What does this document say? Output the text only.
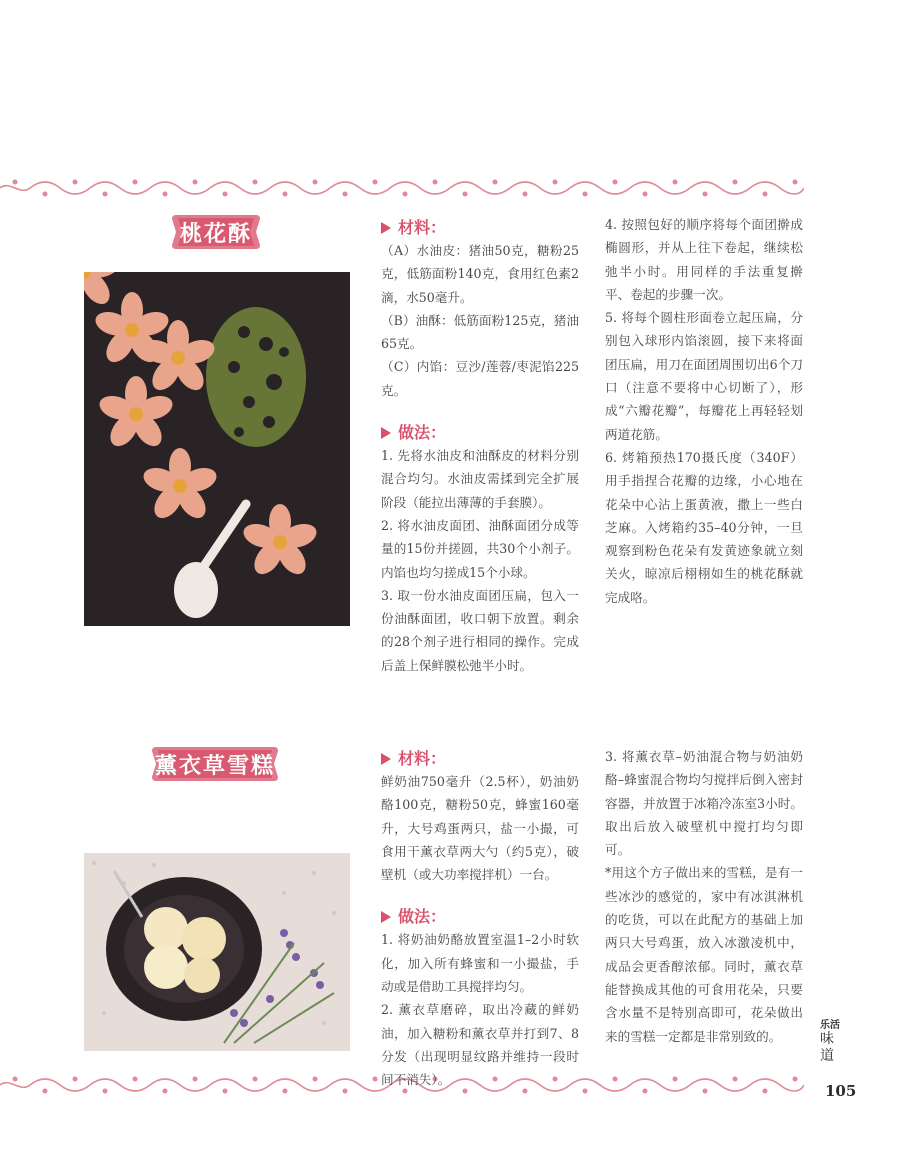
桃花酥	材料：

（A）水油皮：猪油50克，糖粉25克，低筋面粉140克，食用红色素2滴，水50毫升。

（B）油酥：低筋面粉125克，猪油65克。

（C）内馅：豆沙/莲蓉/枣泥馅225克。

做法：

1. 先将水油皮和油酥皮的材料分别混合均匀。水油皮需揉到完全扩展阶段（能拉出薄薄的手套膜）。

2. 将水油皮面团、油酥面团分成等量的15份并搓圆，共30个小剂子。内馅也均匀搓成15个小球。

3. 取一份水油皮面团压扁，包入一份油酥面团，收口朝下放置。剩余的28个剂子进行相同的操作。完成后盖上保鲜膜松弛半小时。

4. 按照包好的顺序将每个面团擀成椭圆形，并从上往下卷起，继续松弛半小时。用同样的手法重复擀平、卷起的步骤一次。

5. 将每个圆柱形面卷立起压扁，分别包入球形内馅滚圆，接下来将面团压扁，用刀在面团周围切出6个刀口（注意不要将中心切断了），形成“六瓣花瓣”，每瓣花上再轻轻划两道花筋。

6. 烤箱预热170摄氏度（340F）用手指捏合花瓣的边缘，小心地在花朵中心沾上蛋黄液，撒上一些白芝麻。入烤箱约35–40分钟，一旦观察到粉色花朵有发黄迹象就立刻关火，晾凉后栩栩如生的桃花酥就完成咯。

薰衣草雪糕	材料：

鲜奶油750毫升（2.5杯），奶油奶酪100克，糖粉50克，蜂蜜160毫升，大号鸡蛋两只，盐一小撮，可食用干薰衣草两大勺（约5克），破壁机（或大功率搅拌机）一台。

做法：

1. 将奶油奶酪放置室温1–2小时软化，加入所有蜂蜜和一小撮盐，手动或是借助工具搅拌均匀。

2. 薰衣草磨碎，取出冷藏的鲜奶油，加入糖粉和薰衣草并打到7、8分发（出现明显纹路并维持一段时间不消失）。

3. 将薰衣草–奶油混合物与奶油奶酪–蜂蜜混合物均匀搅拌后倒入密封容器，并放置于冰箱冷冻室3小时。取出后放入破壁机中搅打均匀即可。

*用这个方子做出来的雪糕，是有一些冰沙的感觉的，家中有冰淇淋机的吃货，可以在此配方的基础上加两只大号鸡蛋，放入冰激凌机中，成品会更香醇浓郁。同时，薰衣草能替换成其他的可食用花朵，只要含水量不是特别高即可，花朵做出来的雪糕一定都是非常别致的。

乐活
味道
105
